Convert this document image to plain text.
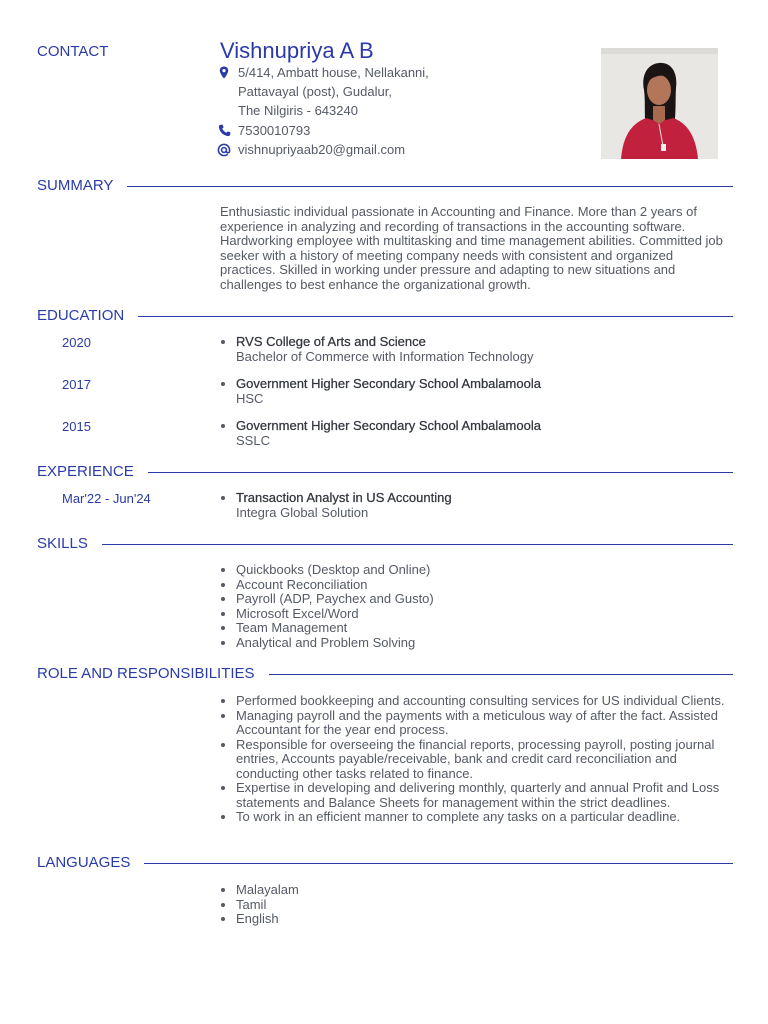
CONTACT	Vishnupriya A B
5/414, Ambatt house, Nellakanni,
Pattavayal (post), Gudalur,
The Nilgiris - 643240
7530010793
vishnupriyaab20@gmail.com
SUMMARY
Enthusiastic individual passionate in Accounting and Finance. More than 2 years of experience in analyzing and recording of transactions in the accounting software. Hardworking employee with multitasking and time management abilities. Committed job seeker with a history of meeting company needs with consistent and organized practices. Skilled in working under pressure and adapting to new situations and challenges to best enhance the organizational growth.
EDUCATION
2020	• RVS College of Arts and Science
Bachelor of Commerce with Information Technology
2017	• Government Higher Secondary School Ambalamoola
HSC
2015	• Government Higher Secondary School Ambalamoola
SSLC
EXPERIENCE
Mar'22 - Jun'24	• Transaction Analyst in US Accounting
Integra Global Solution
SKILLS
• Quickbooks (Desktop and Online)
• Account Reconciliation
• Payroll (ADP, Paychex and Gusto)
• Microsoft Excel/Word
• Team Management
• Analytical and Problem Solving
ROLE AND RESPONSIBILITIES
• Performed bookkeeping and accounting consulting services for US individual Clients.
• Managing payroll and the payments with a meticulous way of after the fact. Assisted Accountant for the year end process.
• Responsible for overseeing the financial reports, processing payroll, posting journal entries, Accounts payable/receivable, bank and credit card reconciliation and conducting other tasks related to finance.
• Expertise in developing and delivering monthly, quarterly and annual Profit and Loss statements and Balance Sheets for management within the strict deadlines.
• To work in an efficient manner to complete any tasks on a particular deadline.
LANGUAGES
• Malayalam
• Tamil
• English
